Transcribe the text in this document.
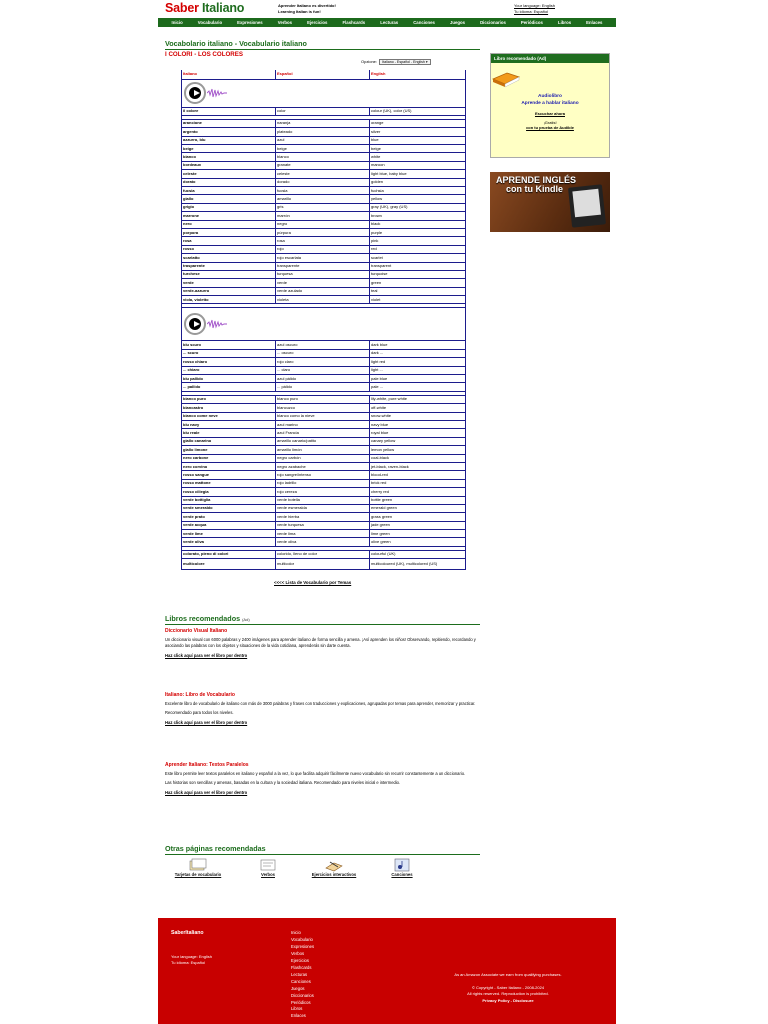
Saber Italiano	Aprender Italiano es divertido!
Learning Italian is fun!
Your language: English
Tu idioma: Español
Inicio	Vocabulario	Expresiones	Verbos	Ejercicios	Flashcards	Lecturas	Canciones	Juegos	Diccionarios	Periódicos	Libros	Enlaces
Vocabolario italiano - Vocabulario italiano
I COLORI - LOS COLORES
Opzione: Italiano - Español - English ▾
Italiano	Español	English

il colore	color	colour (UK), color (US)

arancione	naranja	orange
argento	plateado	silver
azzurro, blu	azul	blue
beige	beige	beige
bianco	blanco	white
bordeaux	granate	maroon
celeste	celeste	light blue, baby blue
dorato	dorado	golden
fucsia	fucsia	fuchsia
giallo	amarillo	yellow
grigio	gris	gray (UK), gray (US)
marrone	marrón	brown
nero	negro	black
porpora	púrpura	purple
rosa	rosa	pink
rosso	rojo	red
scarlatto	rojo escarlata	scarlet
trasparente	transparente	transparent
turchese	turquesa	turquoise
verde	verde	green
verde-azzurro	verde azulado	teal
viola, violetto	violeta	violet

blu scuro	azul oscuro	dark blue
... scuro	... oscuro	dark ...
rosso chiaro	rojo claro	light red
... chiaro	... claro	light ...
blu pallido	azul pálido	pale blue
... pallido	... pálido	pale ...

bianco puro	blanco puro	lily-white, pure white
biancastro	blancuzco	off-white
bianco come neve	blanco como la nieve	snow-white
blu navy	azul marino	navy blue
blu reale	azul Francia	royal blue
giallo canarino	amarillo canario/patito	canary yellow
giallo limone	amarillo limón	lemon yellow
nero carbone	negro carbón	coal-black
nero corvino	negro azabache	jet-black, raven-black
rosso sangue	rojo sangre/intenso	blood-red
rosso mattone	rojo ladrillo	brick red
rosso ciliegia	rojo cereza	cherry red
verde bottiglia	verde botella	bottle green
verde smeraldo	verde esmeralda	emerald green
verde prato	verde hierba	grass green
verde acqua	verde turquesa	jade green
verde lime	verde lima	lime green
verde oliva	verde oliva	olive green

colorato, pieno di colori	colorido, lleno de color	colourful (UK)
multicolore	multicolor	multicoloured (UK), multicolored (US)
<<<< Lista de Vocabulario por Temas
Libros recomendados (Ad)
Diccionario Visual Italiano

Un diccionario visual con 6000 palabras y 2400 imágenes para aprender italiano de forma sencilla y amena. ¡Así aprenden los niños! Observando, repitiendo, recordando y asociando las palabras con los objetos y situaciones de la vida cotidiana, aprenderás sin darte cuenta.

Haz click aquí para ver el libro por dentro
Italiano: Libro de Vocabulario

Excelente libro de vocabulario de italiano con más de 3000 palabras y frases con traducciones y explicaciones, agrupadas por temas para aprender, memorizar y practicar.

Recomendado para todos los niveles.

Haz click aquí para ver el libro por dentro
Aprender Italiano: Textos Paralelos

Este libro permite leer textos paralelos en italiano y español a la vez, lo que facilita adquirir fácilmente nuevo vocabulario sin recurrir constantemente a un diccionario.

Las historias son sencillas y amenas, basadas en la cultura y la sociedad italiana. Recomendado para niveles inicial e intermedio.

Haz click aquí para ver el libro por dentro
Otras páginas recomendadas
Tarjetas de vocabulario	Verbos	Ejercicios interactivos	Canciones
Libro recomendado (Ad)
Audiolibro
Aprende a hablar italiano
Escuchar ahora
¡Gratis!
con tu prueba de Audible
APRENDE INGLÉS
con tu Kindle
SaberItaliano
Your language: English
Tu idioma: Español
Inicio
Vocabulario
Expresiones
Verbos
Ejercicios
Flashcards
Lecturas
Canciones
Juegos
Diccionarios
Periódicos
Libros
Enlaces
As an Amazon Associate we earn from qualifying purchases.
© Copyright - Saber Italiano - 2008-2024
All rights reserved. Reproduction is prohibited.
Privacy Policy - Disclosure
